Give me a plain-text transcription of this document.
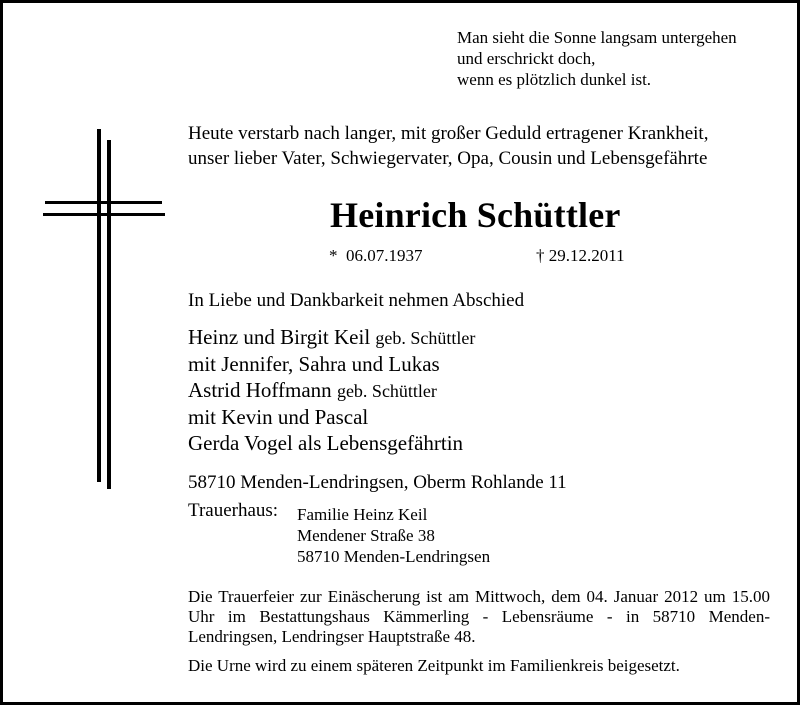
Man sieht die Sonne langsam untergehen
und erschrickt doch,
wenn es plötzlich dunkel ist.
Heute verstarb nach langer, mit großer Geduld ertragener Krankheit,
unser lieber Vater, Schwiegervater, Opa, Cousin und Lebensgefährte
Heinrich Schüttler
* 06.07.1937	† 29.12.2011
In Liebe und Dankbarkeit nehmen Abschied
Heinz und Birgit Keil geb. Schüttler
mit Jennifer, Sahra und Lukas
Astrid Hoffmann geb. Schüttler
mit Kevin und Pascal
Gerda Vogel als Lebensgefährtin
58710 Menden-Lendringsen, Oberm Rohlande 11
Trauerhaus: Familie Heinz Keil
Mendener Straße 38
58710 Menden-Lendringsen
Die Trauerfeier zur Einäscherung ist am Mittwoch, dem 04. Januar 2012 um 15.00 Uhr im Bestattungshaus Kämmerling - Lebensräume - in 58710 Menden-Lendringsen, Lendringser Hauptstraße 48.
Die Urne wird zu einem späteren Zeitpunkt im Familienkreis beigesetzt.
